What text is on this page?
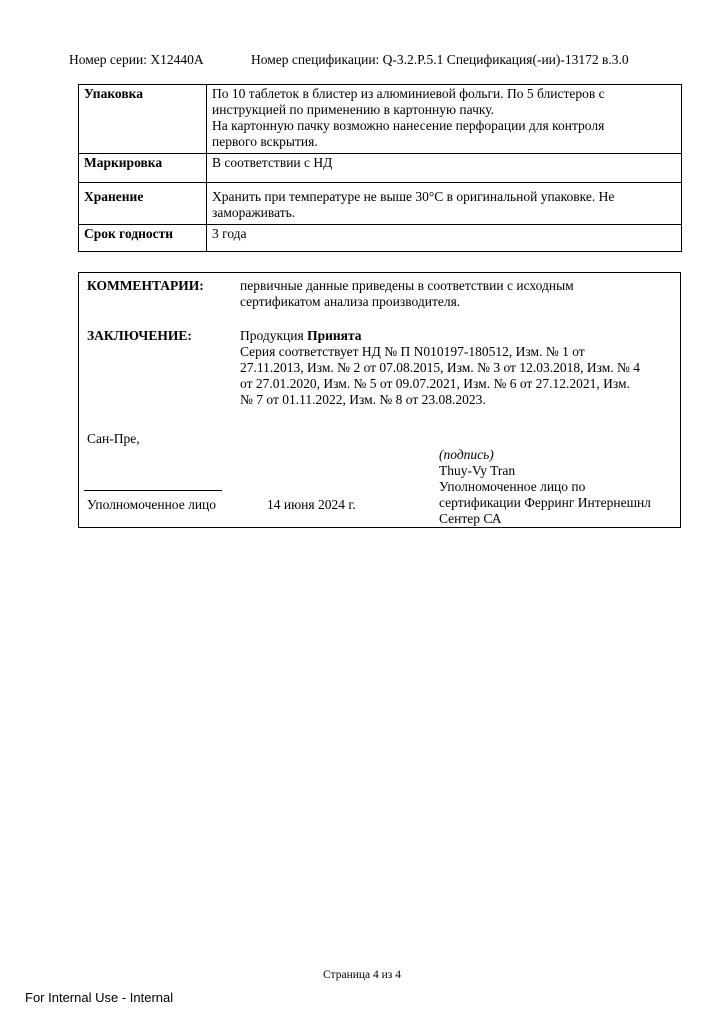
Номер серии: X12440A	Номер спецификации: Q-3.2.P.5.1 Спецификация(-ии)-13172 в.3.0
Упаковка	По 10 таблеток в блистер из алюминиевой фольги. По 5 блистеров с
инструкцией по применению в картонную пачку.
На картонную пачку возможно нанесение перфорации для контроля
первого вскрытия.

Маркировка	В соответствии с НД

Хранение	Хранить при температуре не выше 30°С в оригинальной упаковке. Не
замораживать.

Срок годности	3 года
КОММЕНТАРИИ:	первичные данные приведены в соответствии с исходным
сертификатом анализа производителя.
ЗАКЛЮЧЕНИЕ:	Продукция Принята
Серия соответствует НД № П N010197-180512, Изм. № 1 от
27.11.2013, Изм. № 2 от 07.08.2015, Изм. № 3 от 12.03.2018, Изм. № 4
от 27.01.2020, Изм. № 5 от 09.07.2021, Изм. № 6 от 27.12.2021, Изм.
№ 7 от 01.11.2022, Изм. № 8 от 23.08.2023.
Сан-Пре,
(подпись)
Thuy-Vy Tran
Уполномоченное лицо	14 июня 2024 г.
Уполномоченное лицо по
сертификации Ферринг Интернешнл
Сентер СА
Страница 4 из 4
For Internal Use - Internal
